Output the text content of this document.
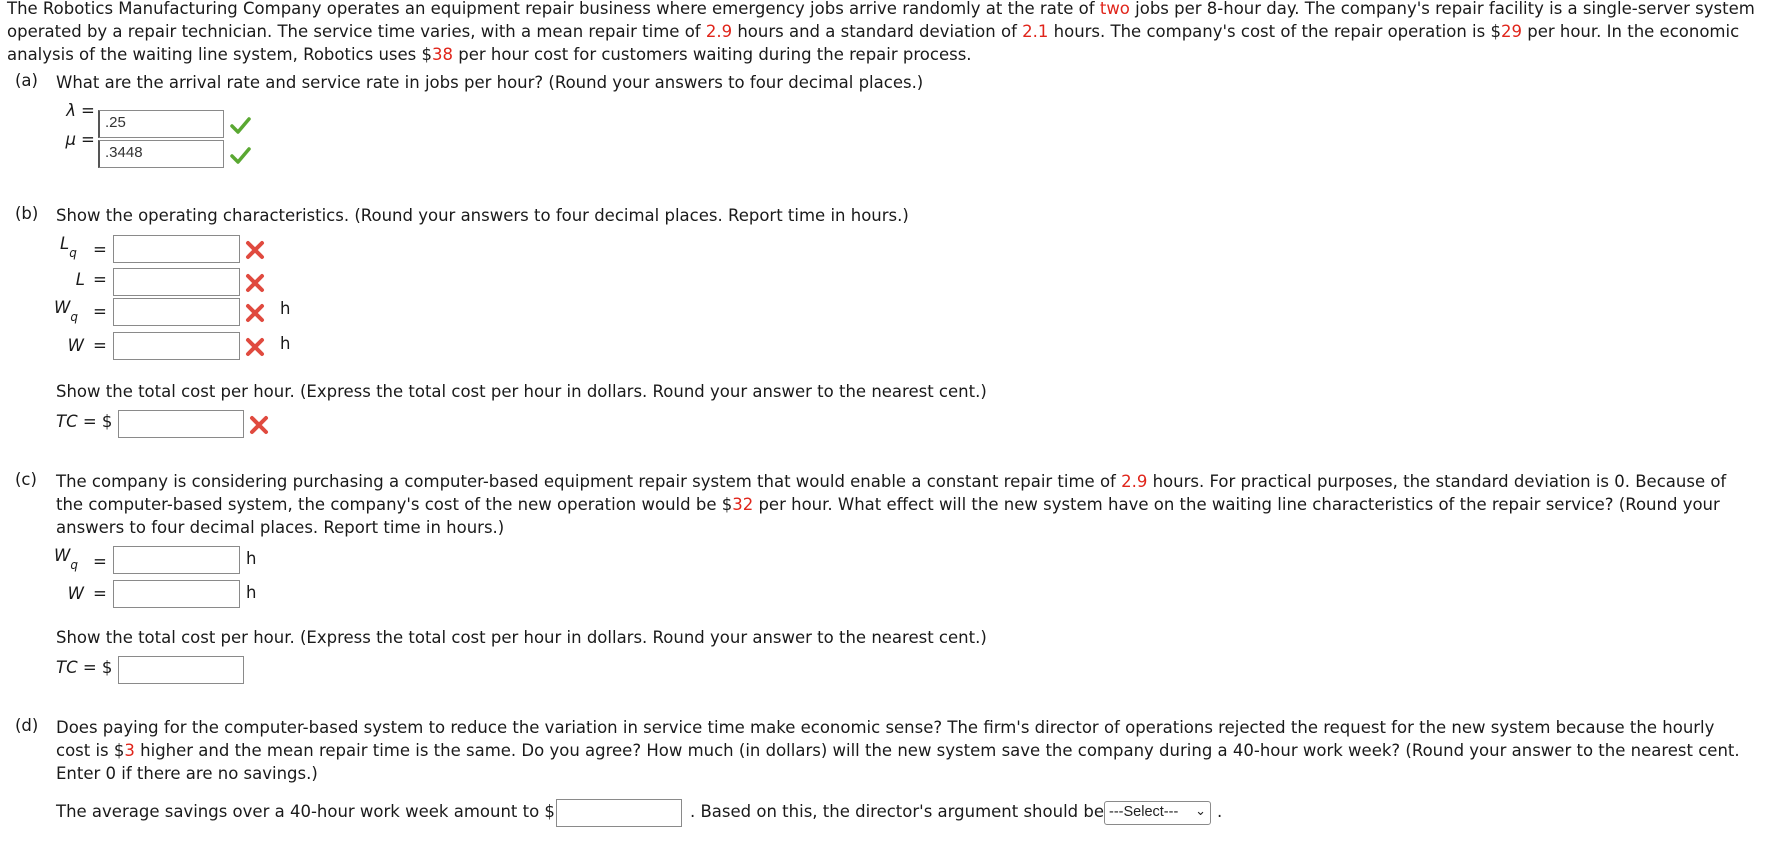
The Robotics Manufacturing Company operates an equipment repair business where emergency jobs arrive randomly at the rate of two jobs per 8-hour day. The company's repair facility is a single-server system operated by a repair technician. The service time varies, with a mean repair time of 2.9 hours and a standard deviation of 2.1 hours. The company's cost of the repair operation is $29 per hour. In the economic analysis of the waiting line system, Robotics uses $38 per hour cost for customers waiting during the repair process.
(a) What are the arrival rate and service rate in jobs per hour? (Round your answers to four decimal places.)
λ =
.25
μ =
.3448
(b) Show the operating characteristics. (Round your answers to four decimal places. Report time in hours.)
$L_q$ =
L =
$W_q$ =	h
W =	h
Show the total cost per hour. (Express the total cost per hour in dollars. Round your answer to the nearest cent.)
TC = $
(c) The company is considering purchasing a computer-based equipment repair system that would enable a constant repair time of 2.9 hours. For practical purposes, the standard deviation is 0. Because of the computer-based system, the company's cost of the new operation would be $32 per hour. What effect will the new system have on the waiting line characteristics of the repair service? (Round your answers to four decimal places. Report time in hours.)
$W_q$ =	h
W =	h
Show the total cost per hour. (Express the total cost per hour in dollars. Round your answer to the nearest cent.)
TC = $
(d) Does paying for the computer-based system to reduce the variation in service time make economic sense? The firm's director of operations rejected the request for the new system because the hourly cost is $3 higher and the mean repair time is the same. Do you agree? How much (in dollars) will the new system save the company during a 40-hour work week? (Round your answer to the nearest cent. Enter 0 if there are no savings.)
The average savings over a 40-hour work week amount to $	. Based on this, the director's argument should be ---Select--- ⌄ .
